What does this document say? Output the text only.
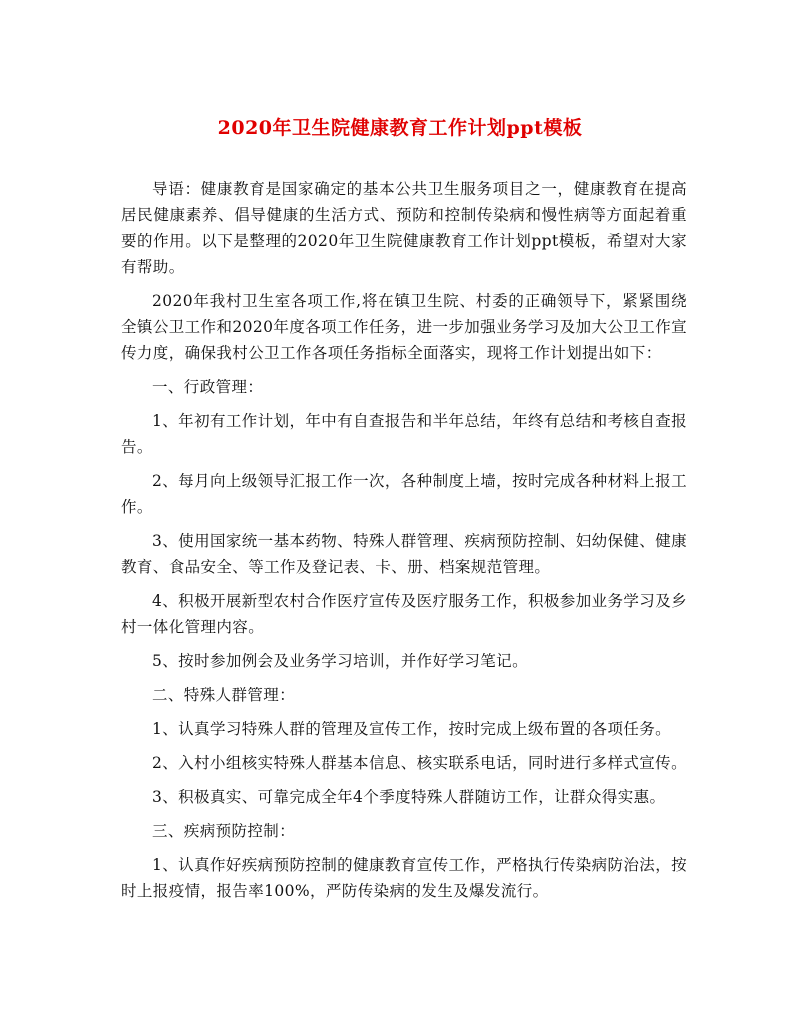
2020年卫生院健康教育工作计划ppt模板

导语：健康教育是国家确定的基本公共卫生服务项目之一，健康教育在提高居民健康素养、倡导健康的生活方式、预防和控制传染病和慢性病等方面起着重要的作用。以下是整理的2020年卫生院健康教育工作计划ppt模板，希望对大家有帮助。

2020年我村卫生室各项工作,将在镇卫生院、村委的正确领导下，紧紧围绕全镇公卫工作和2020年度各项工作任务，进一步加强业务学习及加大公卫工作宣传力度，确保我村公卫工作各项任务指标全面落实，现将工作计划提出如下：

一、行政管理：

1、年初有工作计划，年中有自查报告和半年总结，年终有总结和考核自查报告。

2、每月向上级领导汇报工作一次，各种制度上墙，按时完成各种材料上报工作。

3、使用国家统一基本药物、特殊人群管理、疾病预防控制、妇幼保健、健康教育、食品安全、等工作及登记表、卡、册、档案规范管理。

4、积极开展新型农村合作医疗宣传及医疗服务工作，积极参加业务学习及乡村一体化管理内容。

5、按时参加例会及业务学习培训，并作好学习笔记。

二、特殊人群管理：

1、认真学习特殊人群的管理及宣传工作，按时完成上级布置的各项任务。

2、入村小组核实特殊人群基本信息、核实联系电话，同时进行多样式宣传。

3、积极真实、可靠完成全年4个季度特殊人群随访工作，让群众得实惠。

三、疾病预防控制：

1、认真作好疾病预防控制的健康教育宣传工作，严格执行传染病防治法，按时上报疫情，报告率100%，严防传染病的发生及爆发流行。
